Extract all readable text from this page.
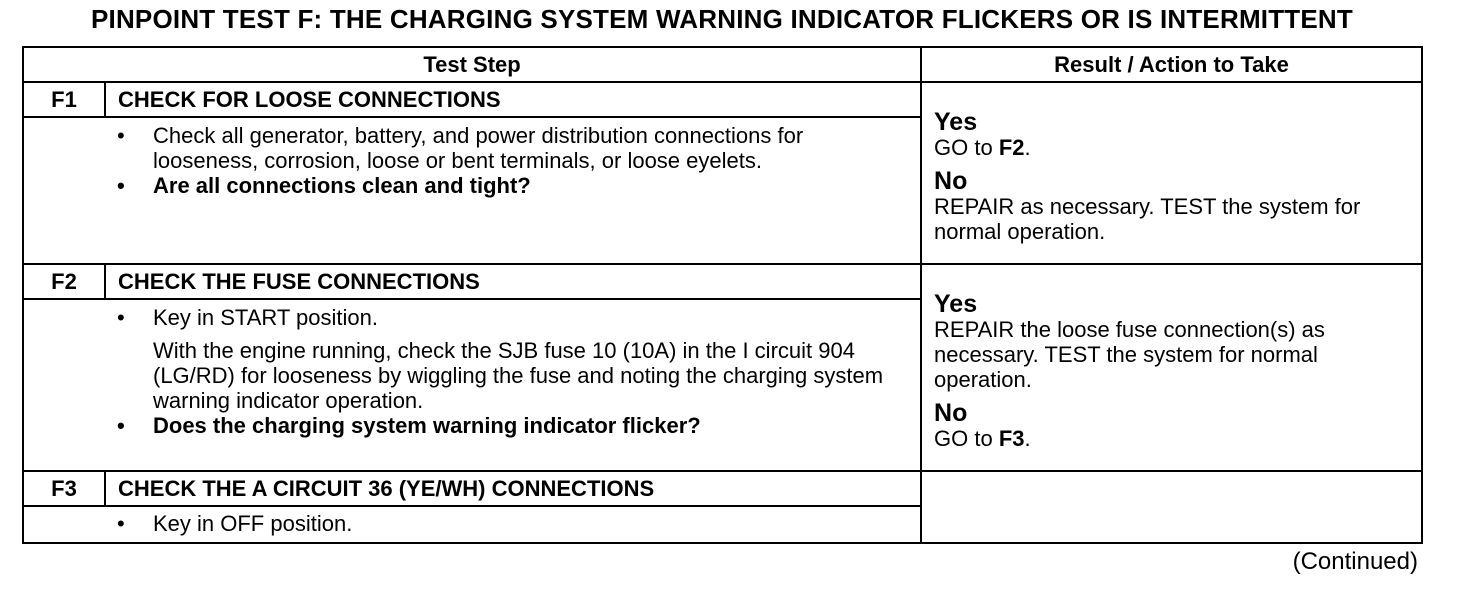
PINPOINT TEST F: THE CHARGING SYSTEM WARNING INDICATOR FLICKERS OR IS INTERMITTENT
Test Step		Result / Action to Take
F1	CHECK FOR LOOSE CONNECTIONS	Yes
GO to F2.
No
REPAIR as necessary. TEST the system for normal operation.

	• Check all generator, battery, and power distribution connections for looseness, corrosion, loose or bent terminals, or loose eyelets.
• Are all connections clean and tight?

F2	CHECK THE FUSE CONNECTIONS	Yes
REPAIR the loose fuse connection(s) as necessary. TEST the system for normal operation.
No
GO to F3.

	• Key in START position.
With the engine running, check the SJB fuse 10 (10A) in the I circuit 904 (LG/RD) for looseness by wiggling the fuse and noting the charging system warning indicator operation.
• Does the charging system warning indicator flicker?

F3	CHECK THE A CIRCUIT 36 (YE/WH) CONNECTIONS	

	• Key in OFF position.
(Continued)
